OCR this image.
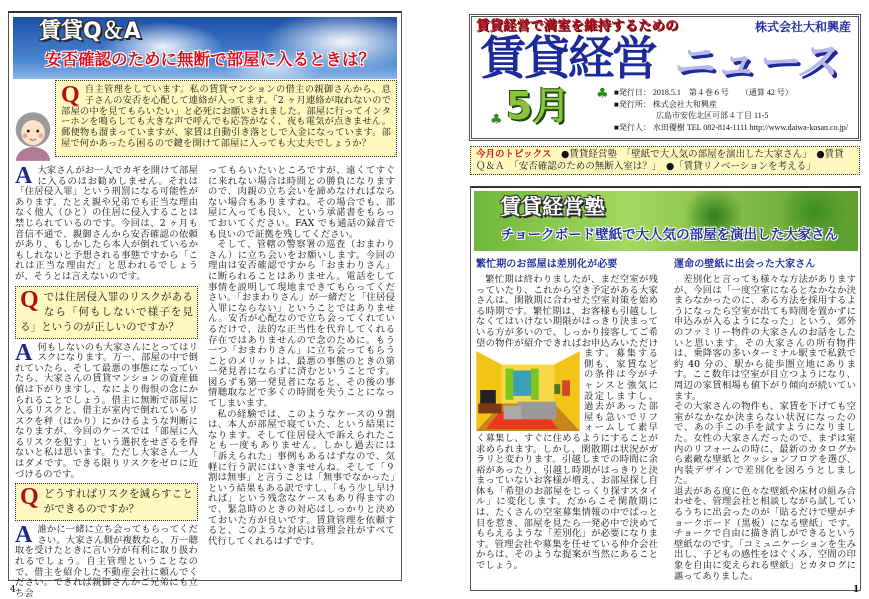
賃貸Q＆A
安否確認のために無断で部屋に入るときは？
Q 自主管理をしています。私の賃貸マンションの借主の親御さんから、息子さんの安否を心配して連絡が入ってます。「2 ヶ月連絡が取れないので部屋の中を見てもらいたい」と必死にお願いされました。部屋に行ってインターホンを鳴らしても大きな声で呼んでも応答がなく、夜も電気が点きません。郵便物も溜まっていますが、家賃は自動引き落としで入金になっています。部屋で何かあったら困るので鍵を開けて部屋に入っても大丈夫でしょうか？

A大家さんがお一人でカギを開けて部屋に入るのはお勧めしません。それは「住居侵入罪」という刑罰になる可能性があります。たとえ親や兄弟でも正当な理由なく他人（ひと）の住居に侵入することは禁じられているのです。今回は、2 ヶ月も音信不通で、親御さんから安否確認の依頼があり、もしかしたら本人が倒れているかもしれないと予想される事態ですから「これは正当な理由だ」と思われるでしょうが、そうとは言えないのです。

Qでは住居侵入罪のリスクがあるなら「何もしないで様子を見る」というのが正しいのですか？

A何もしないのも大家さんにとってはリスクになります。万一、部屋の中で倒れていたら、そして最悪の事態になっていたら、大家さんの賃貸マンションの資産価値は下がりますし、なにより侮恨の念にかられることでしょう。借主に無断で部屋に入るリスクと、借主が室内で倒れているリスクを秤（はかり）にかけるような判断になりますが、今回のケースでは「部屋に入るリスクを犯す」という選択をせざるを得ないと私は思います。ただし大家さん一人はダメです。できる限りリスクをゼロに近づけるのです。

Qどうすればリスクを減らすことができるのですか？

A誰かに一緒に立ち会ってもらってください。大家さん側が複数なら、万一聴取を受けたときに言い分が有利に取り扱われるでしょう。自主管理ということなので、借主を紹介した不動産会社に頼んでください。できれば親御さんかご兄弟にも立ち会

ってもらいたいところですが、遠くてすぐに来れない場合は時間との勝負になりますので、肉親の立ち会いを諦めなければならない場合もありますね。その場合でも、部屋に入っても良い、という承諾書をもらっておいてください。FAX でも通話の録音でも良いので証拠を残してください。

そして、管轄の警察署の巡査（おまわりさん）に立ち会いをお願いします。今回の理由は安否確認ですから「おまわりさん」に断られることはありません。電話をして事情を説明して現地まできてもらってください。「おまわりさん」が一緒だと「住居侵入罪にならない」ということではありません。安否が心配なので立ち会ってくれているだけで、法的な正当性を代弁してくれる存在ではありませんので念のために。もう一つ「おまわりさん」に立ち会ってもらうことのメリットは、最悪の事態のときの第一発見者にならずに済むということです。図らずも第一発見者になると、その後の事情聴取などで多くの時間を失うことになってしまいます。

私の経験では、このようなケースの９割は、本人が部屋で寝ていた、という結果になります。そして住居侵入で訴えられたことも一度もありません。しかし過去には「訴えられた」事例もあるはずなので、気軽に行う訳にはいきませんね。そして「９割は無事」と言うことは「無事でなかった」という結果もある訳ですし、「もう少し早ければ」という残念なケースもあり得ますので、緊急時のときの対応はしっかりと決めておいた方が良いです。賃貸管理を依頼すると、このような対応は管理会社がすべて代行してくれるはずです。

4
賃貸経営で満室を維持するための	株式会社大和興産
賃貸経営 ニュース
5月
♣
♣ ■発行日： 2018.5.1　第４巻６号　　 （通算 42 号）
■発行所： 株式会社大和興産
広島市安佐北区可部４丁目 11-5
■発行人： 水田優樹 TEL 082-814-1111 http://www.daiwa-kosan.co.jp/
今月のトピックス　 ●賃貸経営塾　「壁紙で大人気の部屋を演出した大家さん」　●賃貸
Ｑ＆Ａ　「安否確認のための無断入室は？」　●「賃貸リノベーションを考える」
賃貸経営塾
チョークボード壁紙で大人気の部屋を演出した大家さん
繁忙期のお部屋は差別化が必要

繁忙期は終わりましたが、まだ空室が残っていたり、これから空き予定がある大家さんは、閑散期に合わせた空室対策を始める時期です。繁忙期は、お客様も引越ししなくてはいけない期限がはっきり決まっている方が多いので、しっかり接客してご希望の物件が紹介できればお申込みいただけ
ます。募集する側も、家賃などの条件は今がチャンスと強気に設定しますし、過去があった部屋も急いでリフォームして素早く募集し、すぐに住めるようにすることが求められます。しかし、閑散期は状況がガラリと変わります。引越しまでの時間に余裕があったり、引越し時期がはっきりと決まっていないお客様が増え、お部屋探し自体も「希望のお部屋をじっくり探すスタイル」に変化します。だからこそ閑散期には、たくさんの空室募集情報の中でぱっと目を惹き、部屋を見たら一発必中で決めてもらえるような「差別化」が必要になります。管理会社や募集を任せている仲介会社からは、そのような提案が当然にあることでしょう。

運命の壁紙に出会った大家さん

差別化と言っても様々な方法がありますが、今回は「一度空室になるとなかなか決まらなかったのに、ある方法を採用するようになったら空室が出ても時間を置かずに申込みが入るようになった」という、郊外のファミリー物件の大家さんのお話をしたいと思います。その大家さんの所有物件は、乗降客の多いターミナル駅まで私鉄で約 40 分の、駅から徒歩圏立地にあります。ここ数年は空室が目立つようになり、周辺の家賃相場も値下がり傾向が続いています。

その大家さんの物件も、家賃を下げても空室がなかなか決まらない状況になったので、あの手この手を試すようになりました。女性の大家さんだったので、まずは室内のリフォームの時に、最新のカタログから素敵な壁紙とクッションフロアを選び、内装デザインで差別化を図ろうとしました。

退去がある度に色々な壁紙や床材の組み合わせを、管理会社と相談しながら試しているうちに出会ったのが「貼るだけで壁がチョークボード（黒板）になる壁紙」です。チョークで自由に描き消しができるという壁紙なのです。「コミュニケーションを生み出し、子どもの感性をはぐくみ、空間の印象を自由に変えられる壁紙」とカタログに謳ってありました。

1
